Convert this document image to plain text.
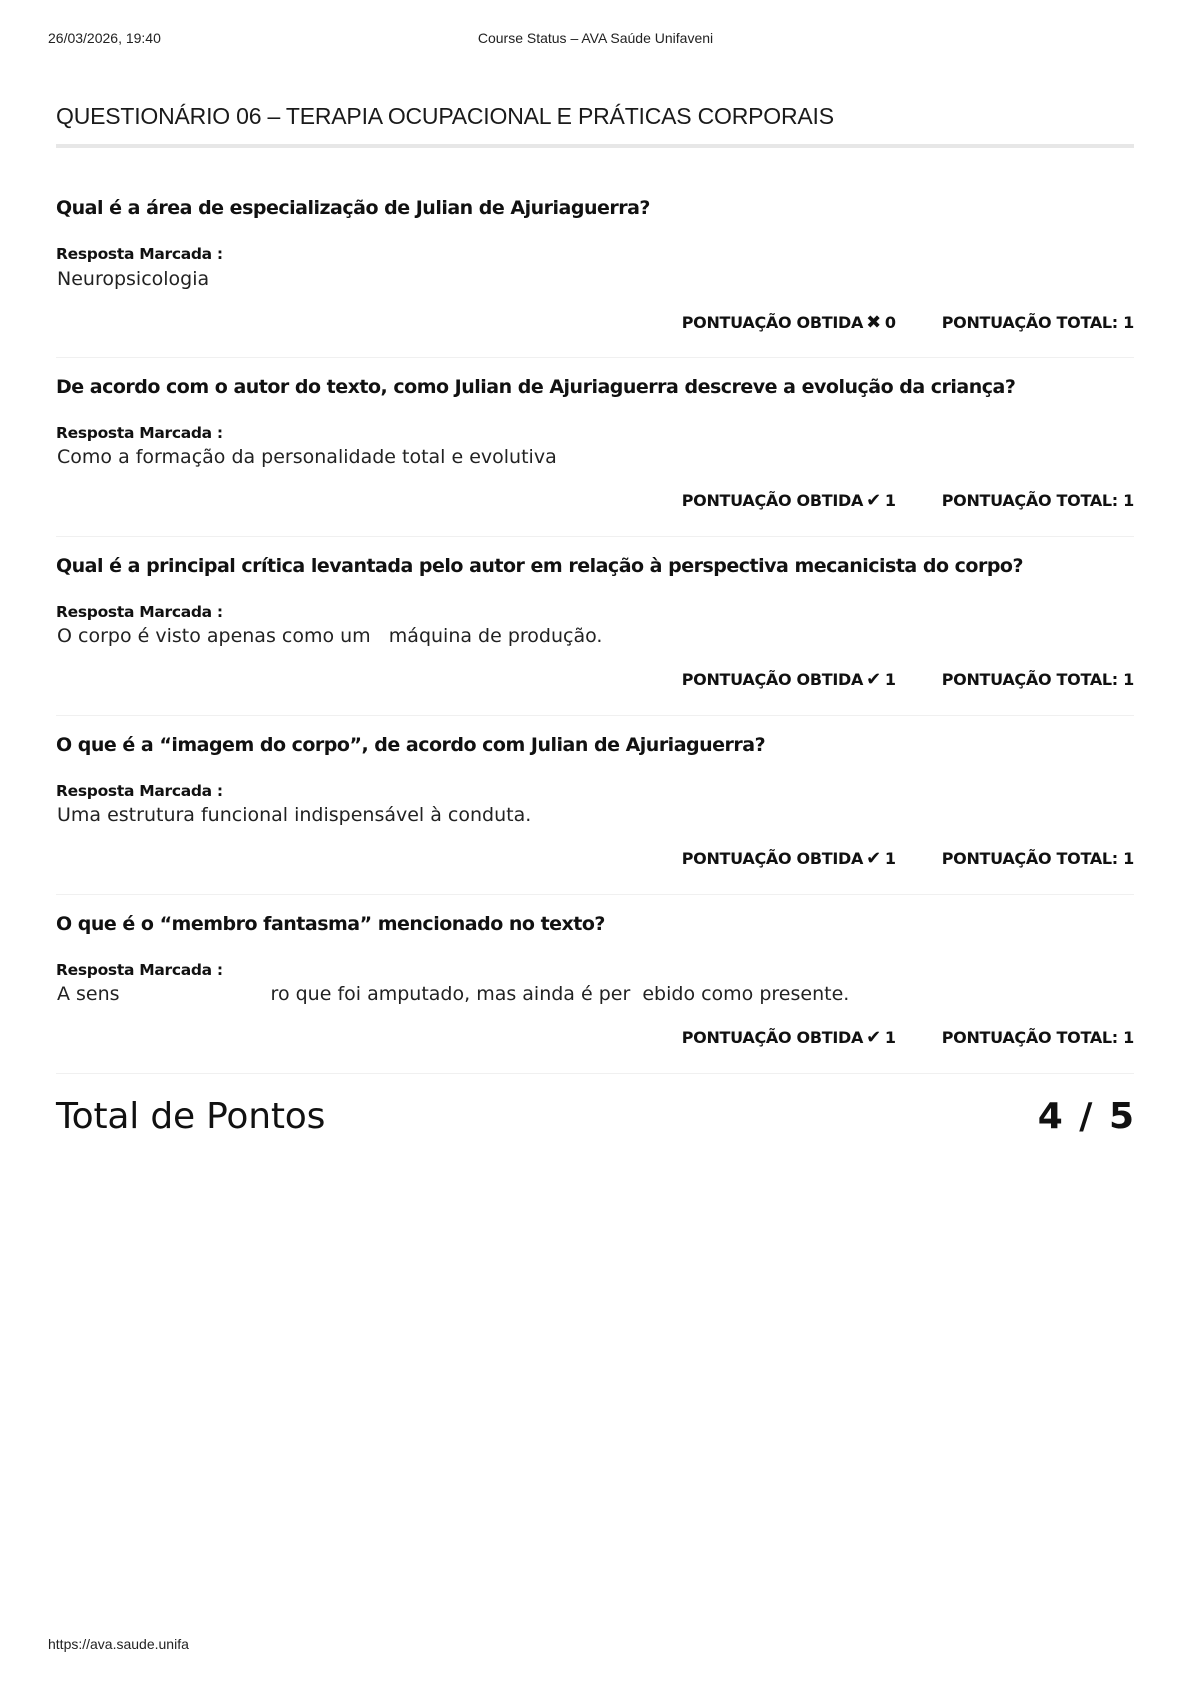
Course Status – AVA Saúde Unifaveni
26/03/2026, 19:40
QUESTIONÁRIO 06 – TERAPIA OCUPACIONAL E PRÁTICAS CORPORAIS

Qual é a área de especialização de Julian de Ajuriaguerra?

Resposta Marcada :
Neuropsicologia
PONTUAÇÃO OBTIDA ✖ 0	PONTUAÇÃO TOTAL: 1

De acordo com o autor do texto, como Julian de Ajuriaguerra descreve a evolução da criança?

Resposta Marcada :
Como a formação da personalidade total e evolutiva
PONTUAÇÃO OBTIDA ✔ 1	PONTUAÇÃO TOTAL: 1

Qual é a principal crítica levantada pelo autor em relação à perspectiva mecanicista do corpo?

Resposta Marcada :
O corpo é visto apenas como um   máquina de produção.
PONTUAÇÃO OBTIDA ✔ 1	PONTUAÇÃO TOTAL: 1

O que é a “imagem do corpo”, de acordo com Julian de Ajuriaguerra?

Resposta Marcada :
Uma estrutura funcional indispensável à conduta.
PONTUAÇÃO OBTIDA ✔ 1	PONTUAÇÃO TOTAL: 1

O que é o “membro fantasma” mencionado no texto?

Resposta Marcada :
A sens                         ro que foi amputado, mas ainda é per  ebido como presente.
PONTUAÇÃO OBTIDA ✔ 1	PONTUAÇÃO TOTAL: 1
Total de Pontos	4 / 5
https://ava.saude.unifa
